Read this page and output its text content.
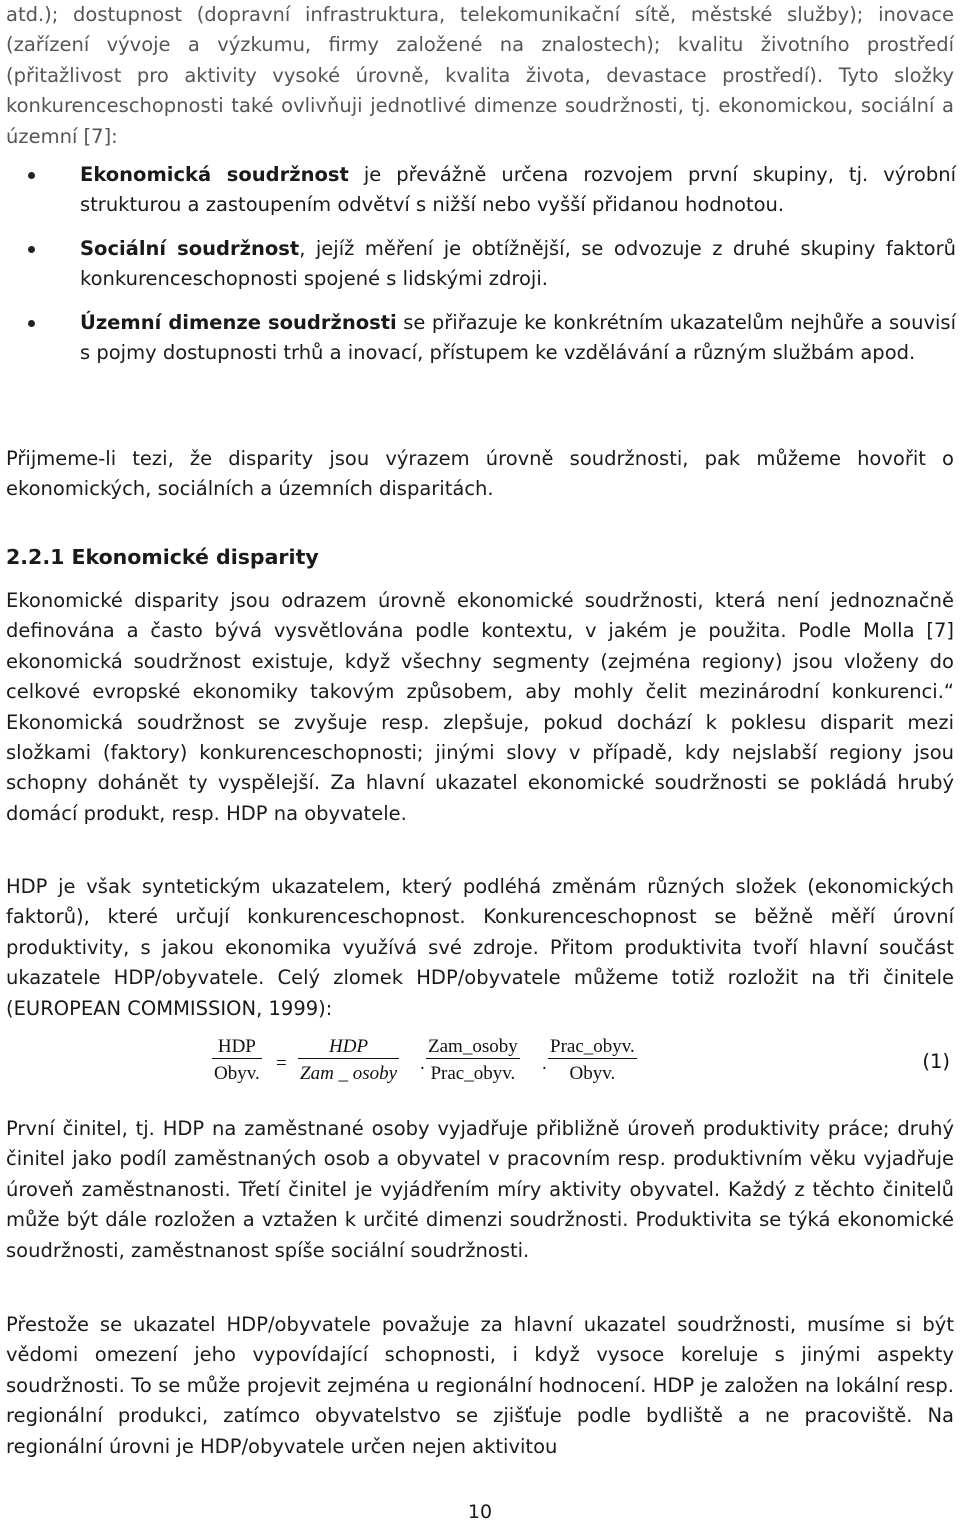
atd.); dostupnost (dopravní infrastruktura, telekomunikační sítě, městské služby); inovace (zařízení vývoje a výzkumu, firmy založené na znalostech); kvalitu životního prostředí (přitažlivost pro aktivity vysoké úrovně, kvalita života, devastace prostředí). Tyto složky konkurenceschopnosti také ovlivňuji jednotlivé dimenze soudržnosti, tj. ekonomickou, sociální a územní [7]:

Ekonomická soudržnost je převážně určena rozvojem první skupiny, tj. výrobní strukturou a zastoupením odvětví s nižší nebo vyšší přidanou hodnotou.
Sociální soudržnost, jejíž měření je obtížnější, se odvozuje z druhé skupiny faktorů konkurenceschopnosti spojené s lidskými zdroji.
Územní dimenze soudržnosti se přiřazuje ke konkrétním ukazatelům nejhůře a souvisí s pojmy dostupnosti trhů a inovací, přístupem ke vzdělávání a různým službám apod.

Přijmeme-li tezi, že disparity jsou výrazem úrovně soudržnosti, pak můžeme hovořit o ekonomických, sociálních a územních disparitách.

2.2.1 Ekonomické disparity

Ekonomické disparity jsou odrazem úrovně ekonomické soudržnosti, která není jednoznačně definována a často bývá vysvětlována podle kontextu, v jakém je použita. Podle Molla [7] ekonomická soudržnost existuje, když všechny segmenty (zejména regiony) jsou vloženy do celkové evropské ekonomiky takovým způsobem, aby mohly čelit mezinárodní konkurenci.“ Ekonomická soudržnost se zvyšuje resp. zlepšuje, pokud dochází k poklesu disparit mezi složkami (faktory) konkurenceschopnosti; jinými slovy v případě, kdy nejslabší regiony jsou schopny dohánět ty vyspělejší. Za hlavní ukazatel ekonomické soudržnosti se pokládá hrubý domácí produkt, resp. HDP na obyvatele.

HDP je však syntetickým ukazatelem, který podléhá změnám různých složek (ekonomických faktorů), které určují konkurenceschopnost. Konkurenceschopnost se běžně měří úrovní produktivity, s jakou ekonomika využívá své zdroje. Přitom produktivita tvoří hlavní součást ukazatele HDP/obyvatele. Celý zlomek HDP/obyvatele můžeme totiž rozložit na tři činitele (EUROPEAN COMMISSION, 1999):

HDP
Obyv. =
HDP
Zam _ osoby .
Zam_osoby
Prac_obyv. .
Prac_obyv.
Obyv.
(1)

První činitel, tj. HDP na zaměstnané osoby vyjadřuje přibližně úroveň produktivity práce; druhý činitel jako podíl zaměstnaných osob a obyvatel v pracovním resp. produktivním věku vyjadřuje úroveň zaměstnanosti. Třetí činitel je vyjádřením míry aktivity obyvatel. Každý z těchto činitelů může být dále rozložen a vztažen k určité dimenzi soudržnosti. Produktivita se týká ekonomické soudržnosti, zaměstnanost spíše sociální soudržnosti.

Přestože se ukazatel HDP/obyvatele považuje za hlavní ukazatel soudržnosti, musíme si být vědomi omezení jeho vypovídající schopnosti, i když vysoce koreluje s jinými aspekty soudržnosti. To se může projevit zejména u regionální hodnocení. HDP je založen na lokální resp. regionální produkci, zatímco obyvatelstvo se zjišťuje podle bydliště a ne pracoviště. Na regionální úrovni je HDP/obyvatele určen nejen aktivitou

10
